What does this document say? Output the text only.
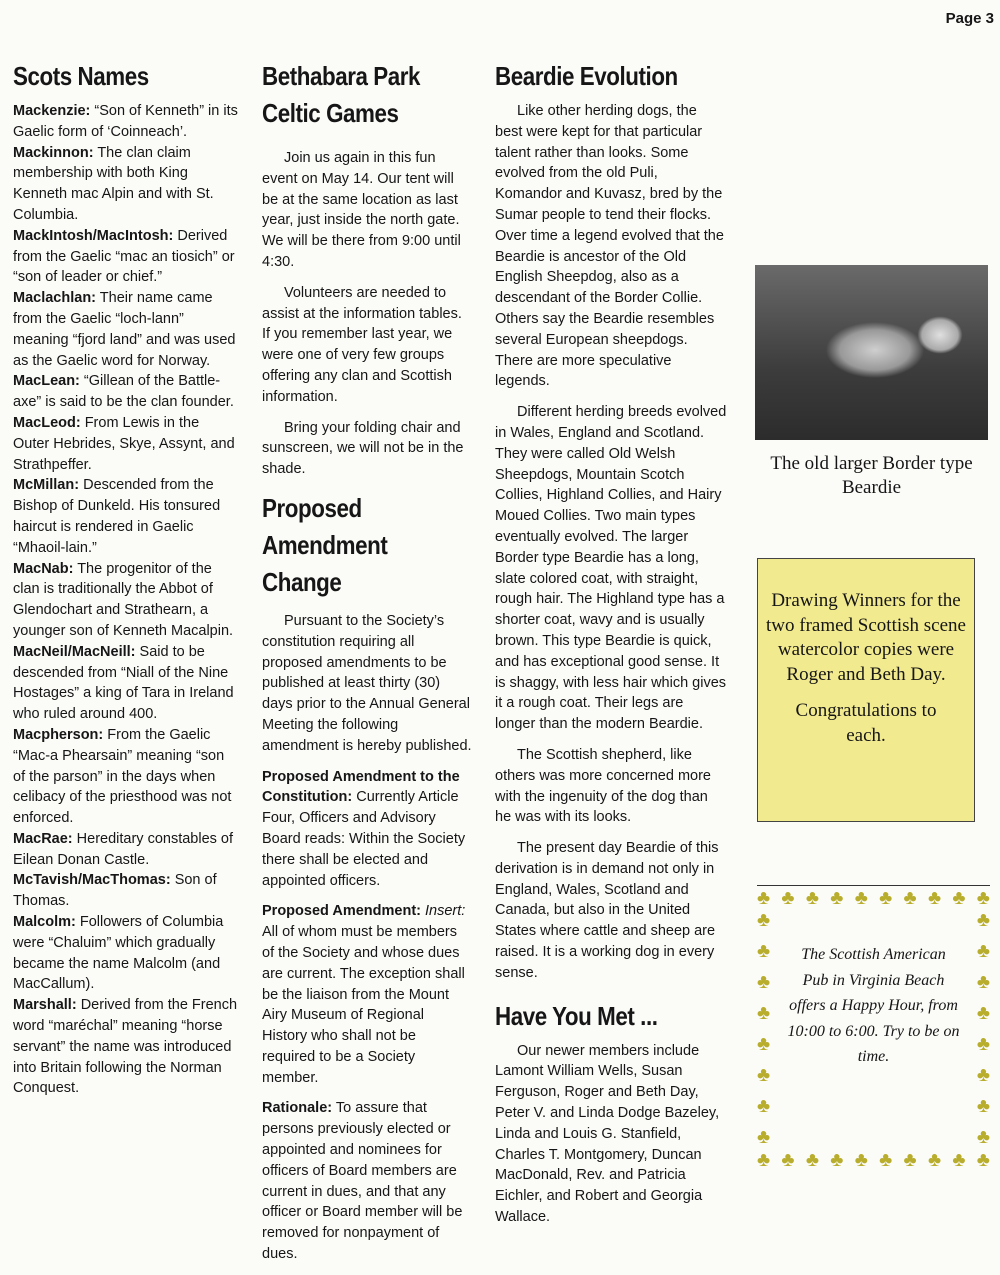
Page 3
Scots Names
Mackenzie: “Son of Kenneth” in its Gaelic form of ‘Coinneach’.
Mackinnon: The clan claim membership with both King Kenneth mac Alpin and with St. Columbia.
MackIntosh/MacIntosh: Derived from the Gaelic “mac an tiosich” or “son of leader or chief.”
Maclachlan: Their name came from the Gaelic “loch-lann” meaning “fjord land” and was used as the Gaelic word for Norway.
MacLean: “Gillean of the Battle-axe” is said to be the clan founder.
MacLeod: From Lewis in the Outer Hebrides, Skye, Assynt, and Strathpeffer.
McMillan: Descended from the Bishop of Dunkeld. His tonsured haircut is rendered in Gaelic “Mhaoil-lain.”
MacNab: The progenitor of the clan is traditionally the Abbot of Glendochart and Strathearn, a younger son of Kenneth Macalpin.
MacNeil/MacNeill: Said to be descended from “Niall of the Nine Hostages” a king of Tara in Ireland who ruled around 400.
Macpherson: From the Gaelic “Mac-a Phearsain” meaning “son of the parson” in the days when celibacy of the priesthood was not enforced.
MacRae: Hereditary constables of Eilean Donan Castle.
McTavish/MacThomas: Son of Thomas.
Malcolm: Followers of Columbia were “Chaluim” which gradually became the name Malcolm (and MacCallum).
Marshall: Derived from the French word “maréchal” meaning “horse servant” the name was introduced into Britain following the Norman Conquest.
Bethabara Park Celtic Games

Join us again in this fun event on May 14. Our tent will be at the same location as last year, just inside the north gate. We will be there from 9:00 until 4:30.

Volunteers are needed to assist at the information tables. If you remember last year, we were one of very few groups offering any clan and Scottish information.

Bring your folding chair and sunscreen, we will not be in the shade.

Proposed Amendment Change

Pursuant to the Society’s constitution requiring all proposed amendments to be published at least thirty (30) days prior to the Annual General Meeting the following amendment is hereby published.

Proposed Amendment to the Constitution: Currently Article Four, Officers and Advisory Board reads: Within the Society there shall be elected and appointed officers.

Proposed Amendment: Insert: All of whom must be members of the Society and whose dues are current. The exception shall be the liaison from the Mount Airy Museum of Regional History who shall not be required to be a Society member.

Rationale: To assure that persons previously elected or appointed and nominees for officers of Board members are current in dues, and that any officer or Board member will be removed for nonpayment of dues.

Beardie Evolution

Like other herding dogs, the best were kept for that particular talent rather than looks. Some evolved from the old Puli, Komandor and Kuvasz, bred by the Sumar people to tend their flocks. Over time a legend evolved that the Beardie is ancestor of the Old English Sheepdog, also as a descendant of the Border Collie. Others say the Beardie resembles several European sheepdogs. There are more speculative legends.

Different herding breeds evolved in Wales, England and Scotland. They were called Old Welsh Sheepdogs, Mountain Scotch Collies, Highland Collies, and Hairy Moued Collies. Two main types eventually evolved. The larger Border type Beardie has a long, slate colored coat, with straight, rough hair. The Highland type has a shorter coat, wavy and is usually brown. This type Beardie is quick, and has exceptional good sense. It is shaggy, with less hair which gives it a rough coat. Their legs are longer than the modern Beardie.

The Scottish shepherd, like others was more concerned more with the ingenuity of the dog than he was with its looks.

The present day Beardie of this derivation is in demand not only in England, Wales, Scotland and Canada, but also in the United States where cattle and sheep are raised. It is a working dog in every sense.

Have You Met ...

Our newer members include Lamont William Wells, Susan Ferguson, Roger and Beth Day, Peter V. and Linda Dodge Bazeley, Linda and Louis G. Stanfield, Charles T. Montgomery, Duncan MacDonald, Rev. and Patricia Eichler, and Robert and Georgia Wallace.

The old larger Border type Beardie
Drawing Winners for the two framed Scottish scene watercolor copies were Roger and Beth Day.
Congratulations to each.
♣ ♣ ♣ ♣ ♣ ♣ ♣ ♣ ♣ ♣
♣
♣
♣
♣
♣
♣
♣
♣
♣
♣
♣
♣
♣
♣
♣
♣
♣ ♣ ♣ ♣ ♣ ♣ ♣ ♣ ♣ ♣
The Scottish American Pub in Virginia Beach offers a Happy Hour, from 10:00 to 6:00. Try to be on time.
